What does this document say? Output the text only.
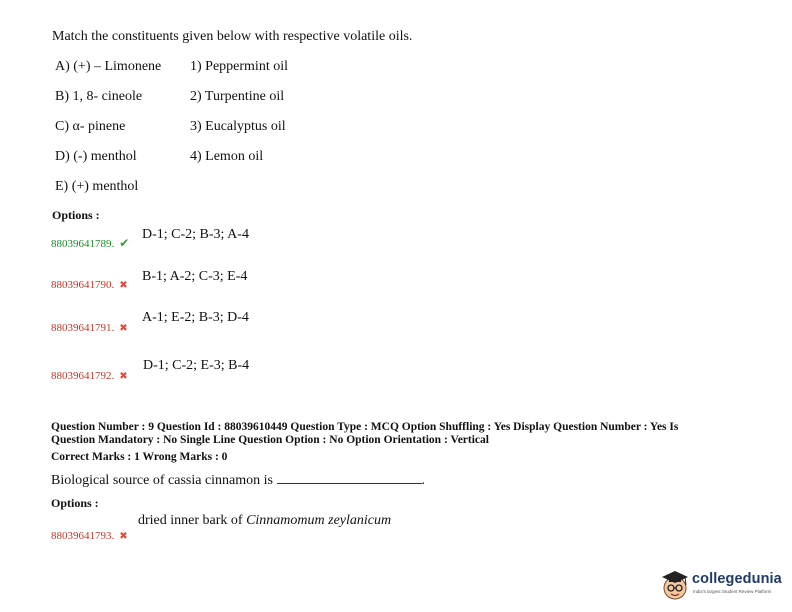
Match the constituents given below with respective volatile oils.
A) (+) – Limonene
B) 1, 8- cineole
C) α- pinene
D) (-) menthol
E) (+) menthol
1) Peppermint oil
2) Turpentine oil
3) Eucalyptus oil
4) Lemon oil
Options :
88039641789. ✔
D-1; C-2; B-3; A-4
88039641790. ✖
B-1; A-2; C-3; E-4
88039641791. ✖
A-1; E-2; B-3; D-4
88039641792. ✖
D-1; C-2; E-3; B-4
Question Number : 9 Question Id : 88039610449 Question Type : MCQ Option Shuffling : Yes Display Question Number : Yes Is
Question Mandatory : No Single Line Question Option : No Option Orientation : Vertical
Correct Marks : 1 Wrong Marks : 0
Biological source of cassia cinnamon is	.
Options :
88039641793. ✖
dried inner bark of Cinnamomum zeylanicum
collegedunia
India's largest Student Review Platform
